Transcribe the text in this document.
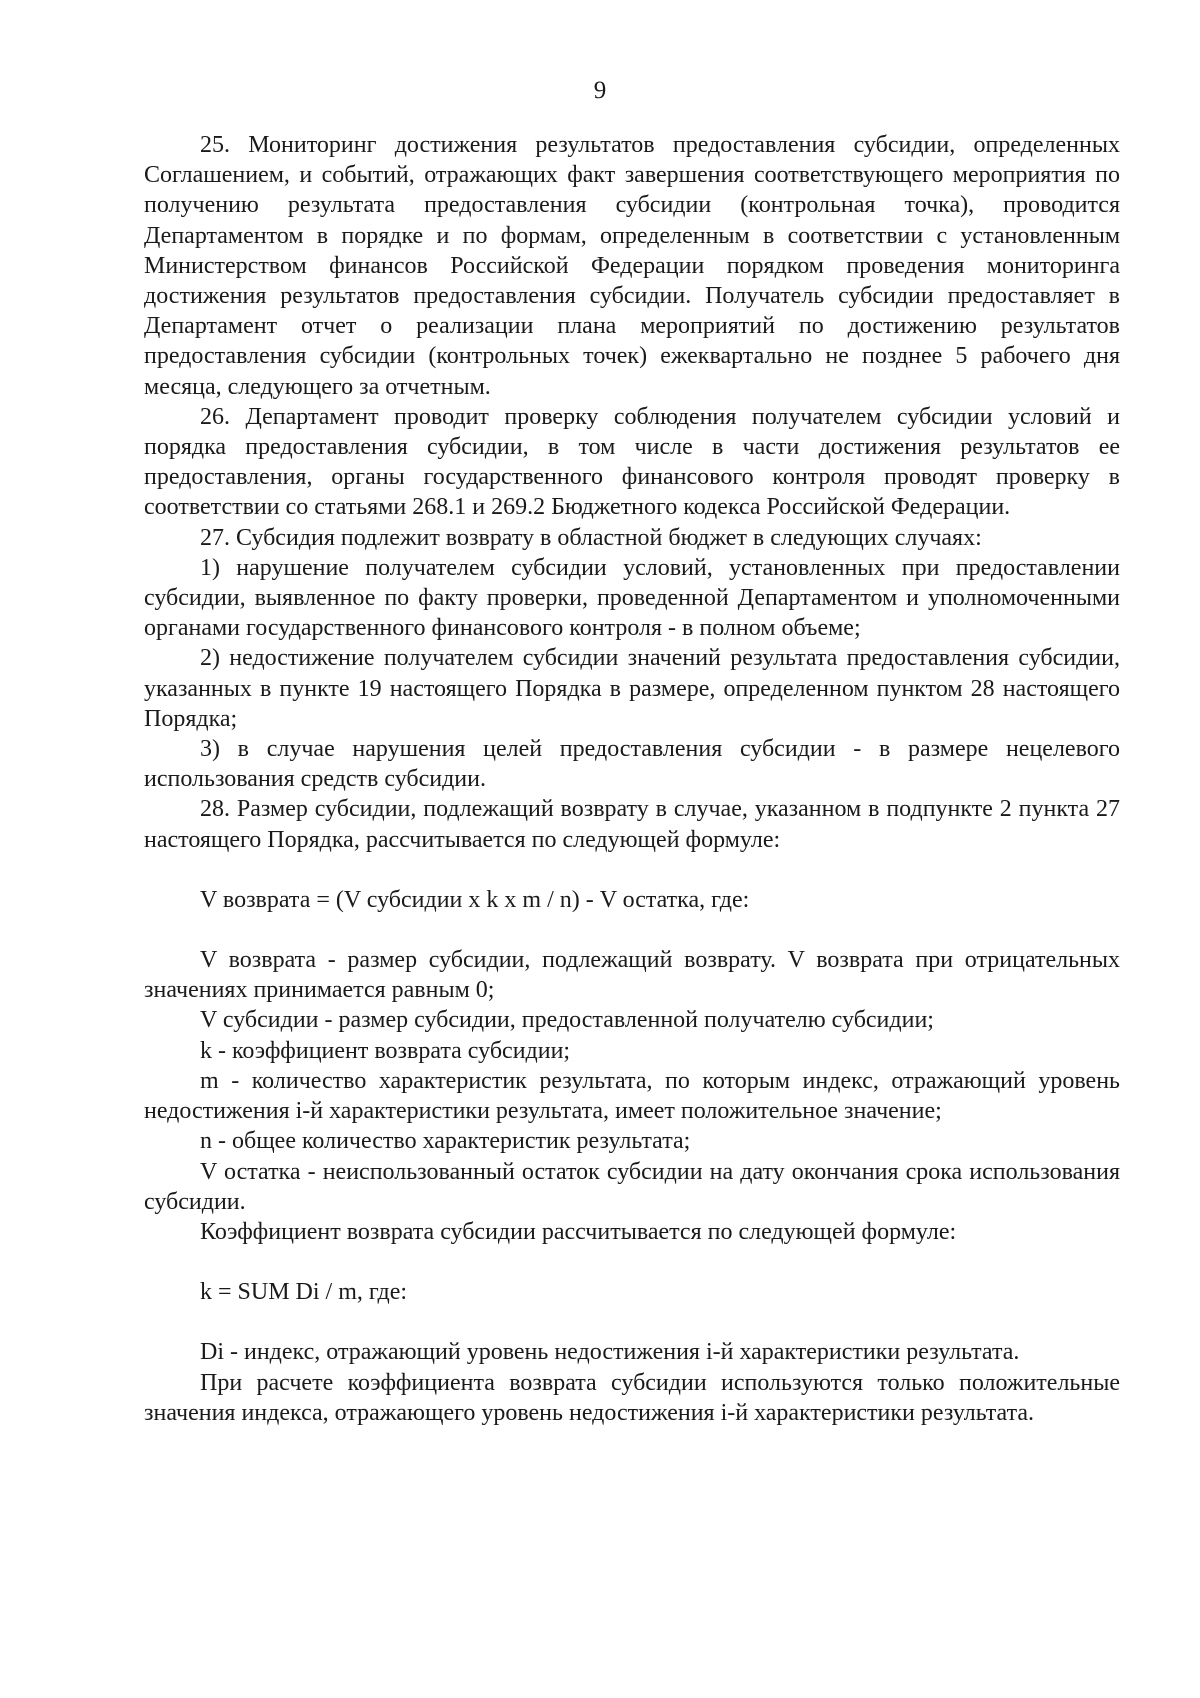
9

25. Мониторинг достижения результатов предоставления субсидии, определенных Соглашением, и событий, отражающих факт завершения соответствующего мероприятия по получению результата предоставления субсидии (контрольная точка), проводится Департаментом в порядке и по формам, определенным в соответствии с установленным Министерством финансов Российской Федерации порядком проведения мониторинга достижения результатов предоставления субсидии. Получатель субсидии предоставляет в Департамент отчет о реализации плана мероприятий по достижению результатов предоставления субсидии (контрольных точек) ежеквартально не позднее 5 рабочего дня месяца, следующего за отчетным.

26. Департамент проводит проверку соблюдения получателем субсидии условий и порядка предоставления субсидии, в том числе в части достижения результатов ее предоставления, органы государственного финансового контроля проводят проверку в соответствии со статьями 268.1 и 269.2 Бюджетного кодекса Российской Федерации.

27. Субсидия подлежит возврату в областной бюджет в следующих случаях:

1) нарушение получателем субсидии условий, установленных при предоставлении субсидии, выявленное по факту проверки, проведенной Департаментом и уполномоченными органами государственного финансового контроля - в полном объеме;

2) недостижение получателем субсидии значений результата предоставления субсидии, указанных в пункте 19 настоящего Порядка в размере, определенном пунктом 28 настоящего Порядка;

3) в случае нарушения целей предоставления субсидии - в размере нецелевого использования средств субсидии.

28. Размер субсидии, подлежащий возврату в случае, указанном в подпункте 2 пункта 27 настоящего Порядка, рассчитывается по следующей формуле:

V возврата = (V субсидии x k x m / n) - V остатка, где:

V возврата - размер субсидии, подлежащий возврату. V возврата при отрицательных значениях принимается равным 0;

V субсидии - размер субсидии, предоставленной получателю субсидии;

k - коэффициент возврата субсидии;

m - количество характеристик результата, по которым индекс, отражающий уровень недостижения i-й характеристики результата, имеет положительное значение;

n - общее количество характеристик результата;

V остатка - неиспользованный остаток субсидии на дату окончания срока использования субсидии.

Коэффициент возврата субсидии рассчитывается по следующей формуле:

k = SUM Di / m, где:

Di - индекс, отражающий уровень недостижения i-й характеристики результата.

При расчете коэффициента возврата субсидии используются только положительные значения индекса, отражающего уровень недостижения i-й характеристики результата.
